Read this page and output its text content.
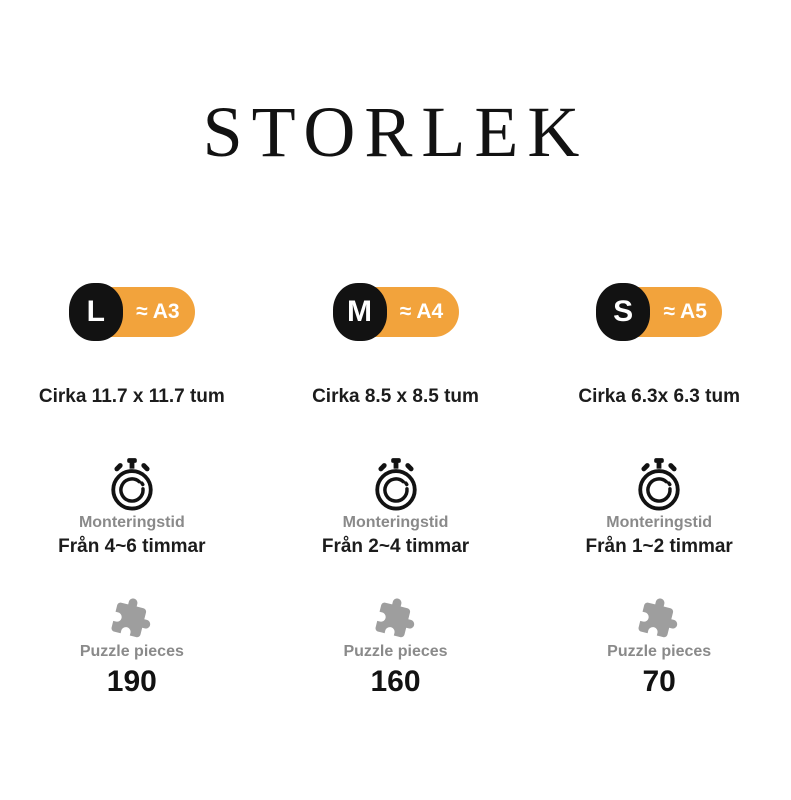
STORLEK
≈ A3
L
Cirka 11.7 x 11.7 tum
Monteringstid
Från 4~6 timmar
Puzzle pieces
190
≈ A4
M
Cirka 8.5 x 8.5 tum
Monteringstid
Från 2~4 timmar
Puzzle pieces
160
≈ A5
S
Cirka 6.3x 6.3 tum
Monteringstid
Från 1~2 timmar
Puzzle pieces
70
